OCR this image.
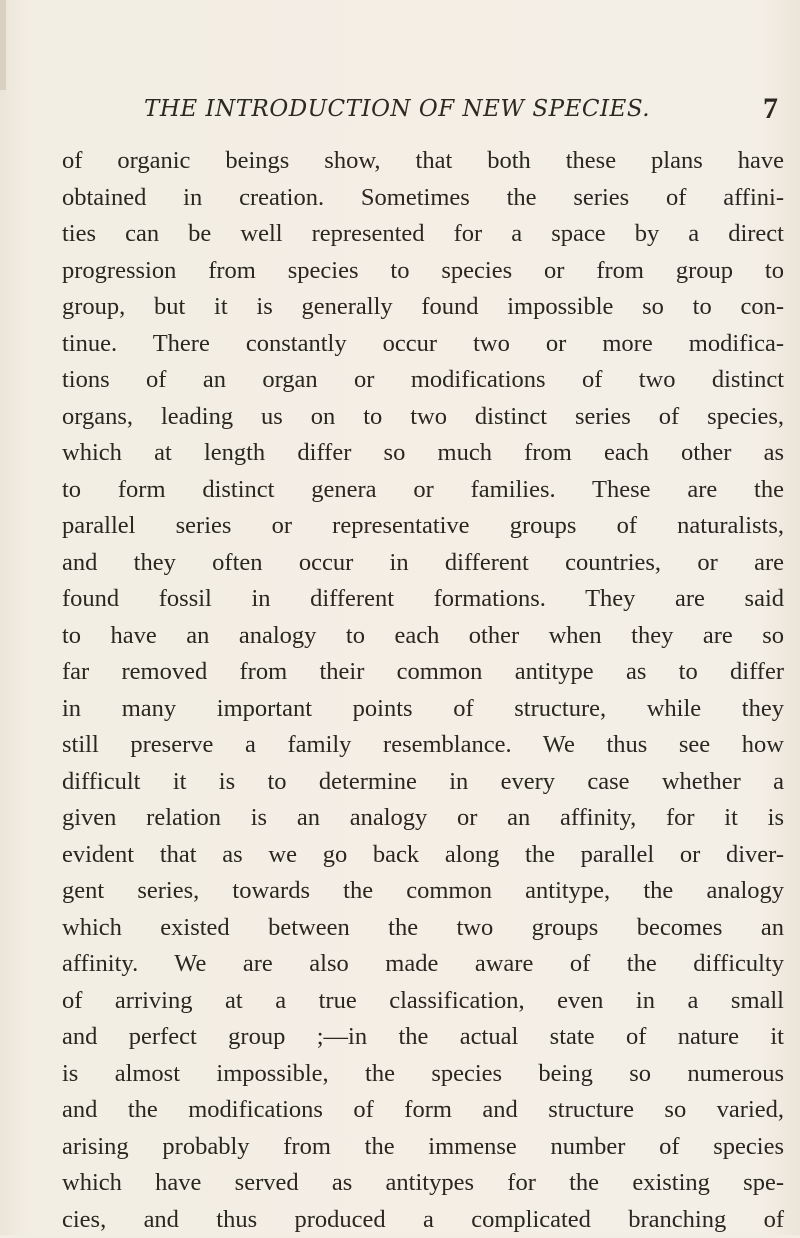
THE INTRODUCTION OF NEW SPECIES.	7
of organic beings show, that both these plans have
obtained in creation. Sometimes the series of affini-
ties can be well represented for a space by a direct
progression from species to species or from group to
group, but it is generally found impossible so to con-
tinue. There constantly occur two or more modifica-
tions of an organ or modifications of two distinct
organs, leading us on to two distinct series of species,
which at length differ so much from each other as
to form distinct genera or families. These are the
parallel series or representative groups of naturalists,
and they often occur in different countries, or are
found fossil in different formations. They are said
to have an analogy to each other when they are so
far removed from their common antitype as to differ
in many important points of structure, while they
still preserve a family resemblance. We thus see how
difficult it is to determine in every case whether a
given relation is an analogy or an affinity, for it is
evident that as we go back along the parallel or diver-
gent series, towards the common antitype, the analogy
which existed between the two groups becomes an
affinity. We are also made aware of the difficulty
of arriving at a true classification, even in a small
and perfect group ;—in the actual state of nature it
is almost impossible, the species being so numerous
and the modifications of form and structure so varied,
arising probably from the immense number of species
which have served as antitypes for the existing spe-
cies, and thus produced a complicated branching of
